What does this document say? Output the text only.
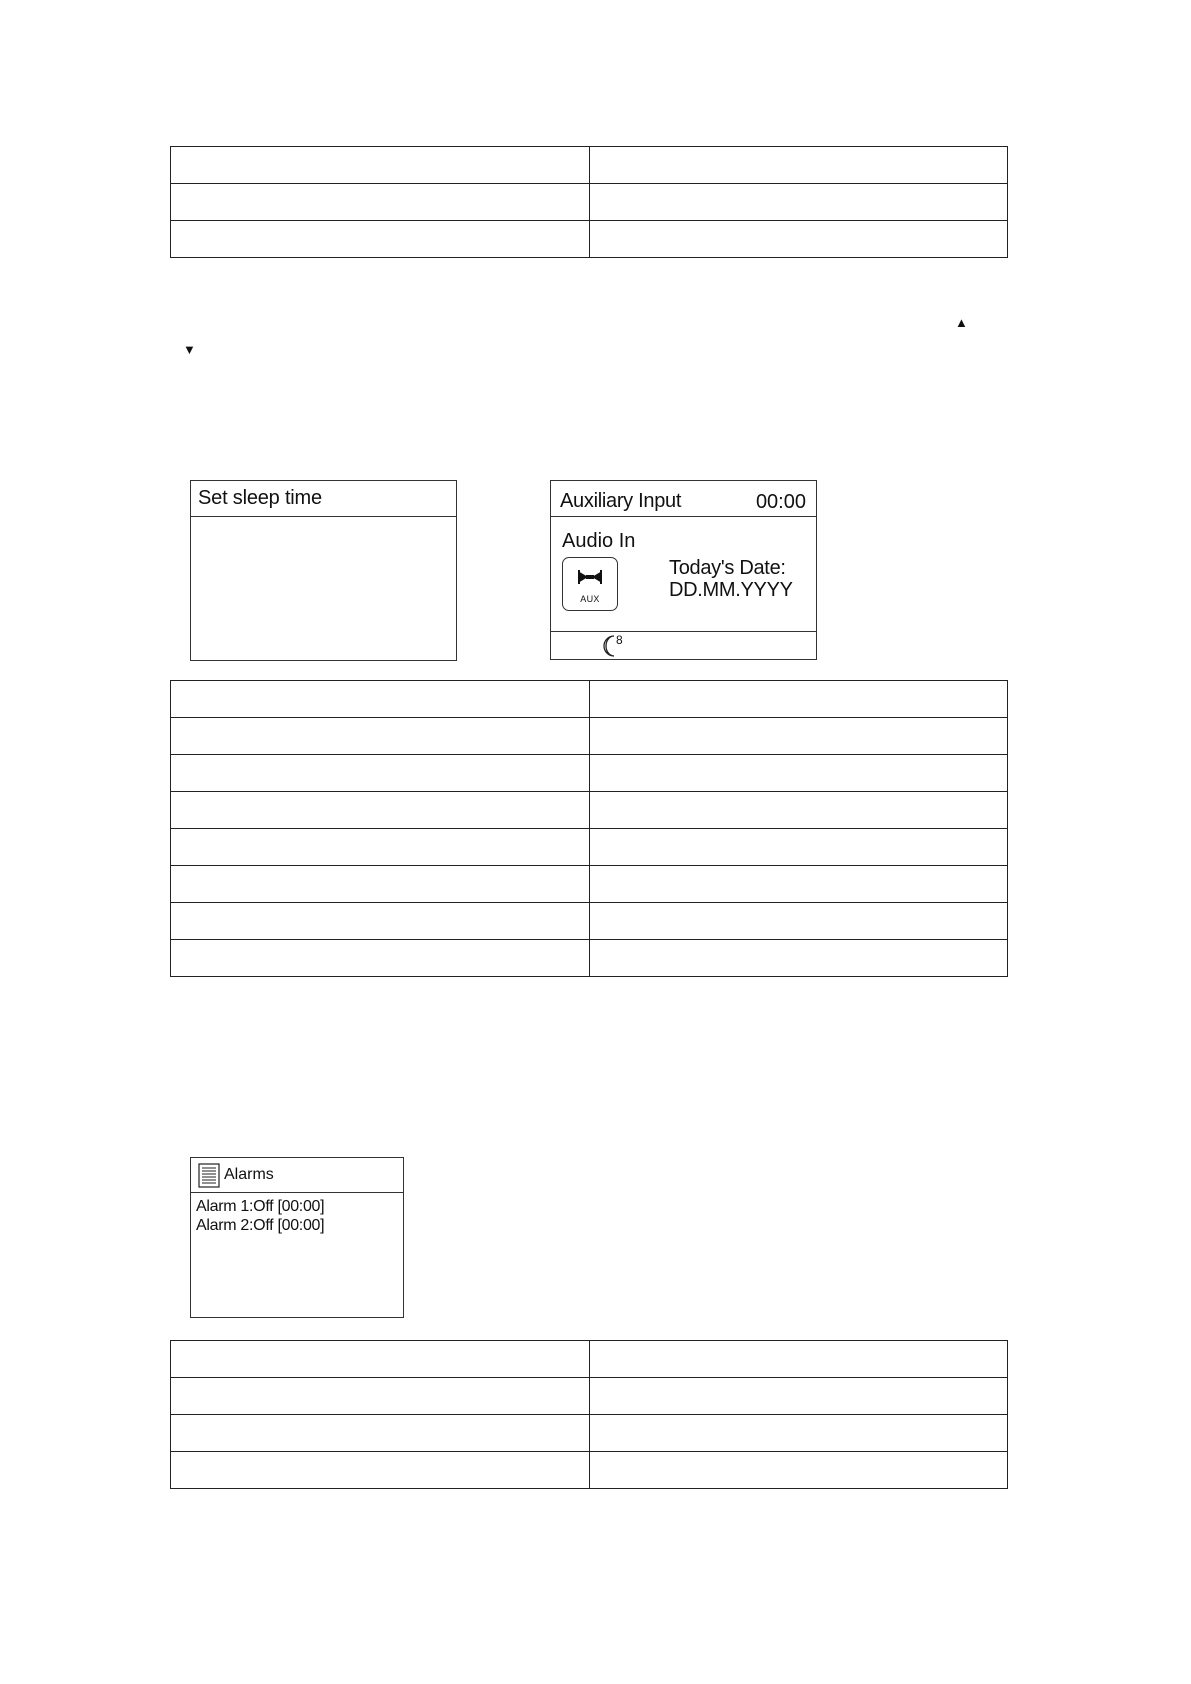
▲
▼
Set sleep time	Auxiliary Input	00:00
Audio In
AUX
Today's Date:
DD.MM.YYYY
8

Alarms
Alarm 1:Off [00:00]
Alarm 2:Off [00:00]
